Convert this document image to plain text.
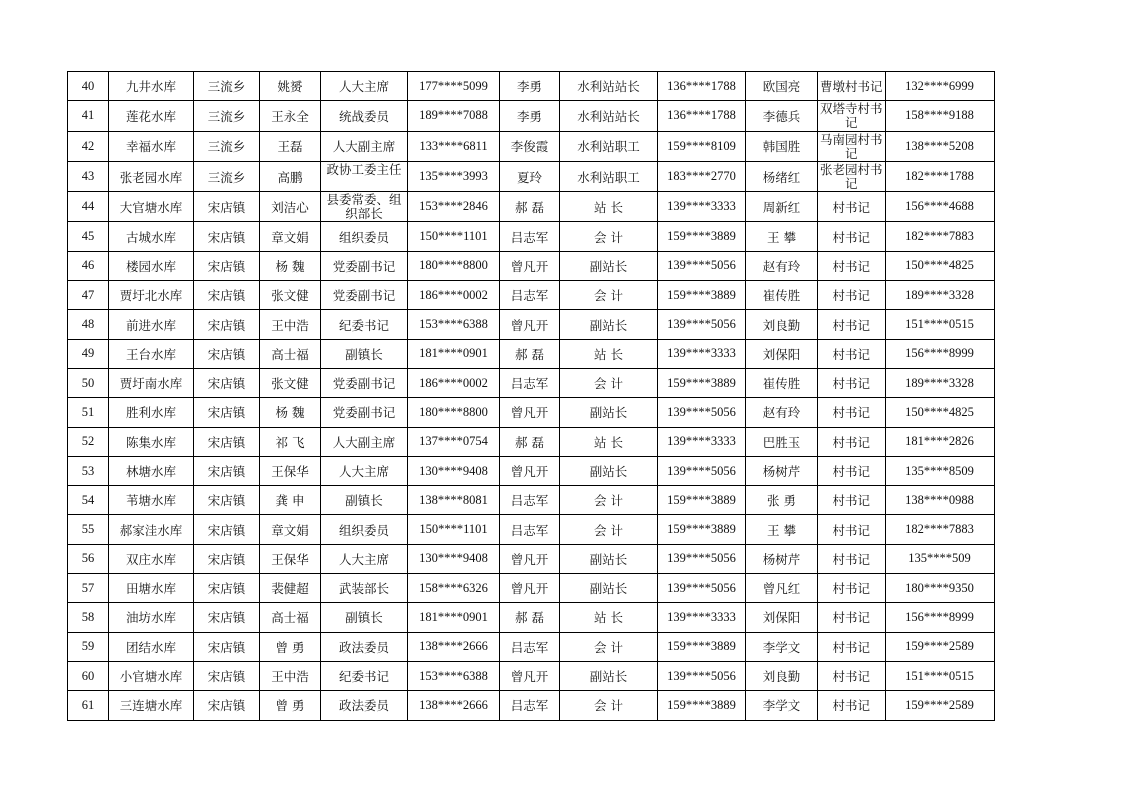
40	九井水库	三流乡	姚赟	人大主席	177****5099	李勇	水利站站长	136****1788	欧国亮	曹墩村书记	132****6999
41	莲花水库	三流乡	王永全	统战委员	189****7088	李勇	水利站站长	136****1788	李德兵	双塔寺村书记	158****9188
42	幸福水库	三流乡	王磊	人大副主席	133****6811	李俊霞	水利站职工	159****8109	韩国胜	马南园村书记	138****5208
43	张老园水库	三流乡	高鹏	政协工委主任	135****3993	夏玲	水利站职工	183****2770	杨绪红	张老园村书记	182****1788
44	大官塘水库	宋店镇	刘洁心	县委常委、组织部长	153****2846	郝 磊	站 长	139****3333	周新红	村书记	156****4688
45	古城水库	宋店镇	章文娟	组织委员	150****1101	吕志军	会 计	159****3889	王 攀	村书记	182****7883
46	楼园水库	宋店镇	杨 魏	党委副书记	180****8800	曾凡开	副站长	139****5056	赵有玲	村书记	150****4825
47	贾圩北水库	宋店镇	张文健	党委副书记	186****0002	吕志军	会 计	159****3889	崔传胜	村书记	189****3328
48	前进水库	宋店镇	王中浩	纪委书记	153****6388	曾凡开	副站长	139****5056	刘良勤	村书记	151****0515
49	王台水库	宋店镇	高士福	副镇长	181****0901	郝 磊	站 长	139****3333	刘保阳	村书记	156****8999
50	贾圩南水库	宋店镇	张文健	党委副书记	186****0002	吕志军	会 计	159****3889	崔传胜	村书记	189****3328
51	胜利水库	宋店镇	杨 魏	党委副书记	180****8800	曾凡开	副站长	139****5056	赵有玲	村书记	150****4825
52	陈集水库	宋店镇	祁 飞	人大副主席	137****0754	郝 磊	站 长	139****3333	巴胜玉	村书记	181****2826
53	林塘水库	宋店镇	王保华	人大主席	130****9408	曾凡开	副站长	139****5056	杨树芹	村书记	135****8509
54	苇塘水库	宋店镇	龚 申	副镇长	138****8081	吕志军	会 计	159****3889	张 勇	村书记	138****0988
55	郝家洼水库	宋店镇	章文娟	组织委员	150****1101	吕志军	会 计	159****3889	王 攀	村书记	182****7883
56	双庄水库	宋店镇	王保华	人大主席	130****9408	曾凡开	副站长	139****5056	杨树芹	村书记	135****509
57	田塘水库	宋店镇	裴健超	武装部长	158****6326	曾凡开	副站长	139****5056	曾凡红	村书记	180****9350
58	油坊水库	宋店镇	高士福	副镇长	181****0901	郝 磊	站 长	139****3333	刘保阳	村书记	156****8999
59	团结水库	宋店镇	曾 勇	政法委员	138****2666	吕志军	会 计	159****3889	李学文	村书记	159****2589
60	小官塘水库	宋店镇	王中浩	纪委书记	153****6388	曾凡开	副站长	139****5056	刘良勤	村书记	151****0515
61	三连塘水库	宋店镇	曾 勇	政法委员	138****2666	吕志军	会 计	159****3889	李学文	村书记	159****2589
